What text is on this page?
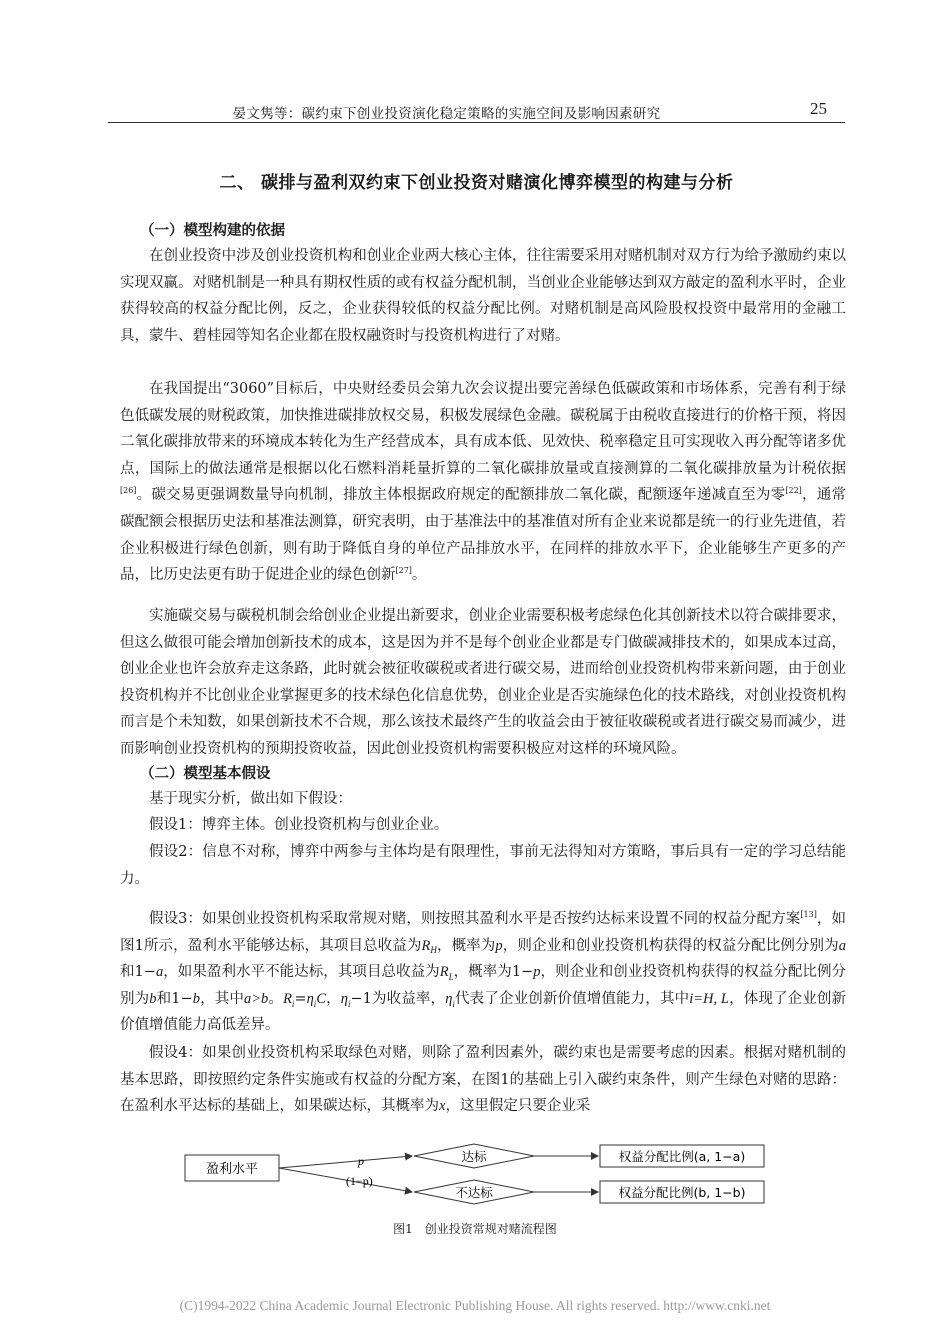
晏文隽等：碳约束下创业投资演化稳定策略的实施空间及影响因素研究	25
二、 碳排与盈利双约束下创业投资对赌演化博弈模型的构建与分析
（一）模型构建的依据

在创业投资中涉及创业投资机构和创业企业两大核心主体，往往需要采用对赌机制对双方行为给予激励约束以实现双赢。对赌机制是一种具有期权性质的或有权益分配机制，当创业企业能够达到双方敲定的盈利水平时，企业获得较高的权益分配比例，反之，企业获得较低的权益分配比例。对赌机制是高风险股权投资中最常用的金融工具，蒙牛、碧桂园等知名企业都在股权融资时与投资机构进行了对赌。

在我国提出“3060”目标后，中央财经委员会第九次会议提出要完善绿色低碳政策和市场体系，完善有利于绿色低碳发展的财税政策，加快推进碳排放权交易，积极发展绿色金融。碳税属于由税收直接进行的价格干预，将因二氧化碳排放带来的环境成本转化为生产经营成本，具有成本低、见效快、税率稳定且可实现收入再分配等诸多优点，国际上的做法通常是根据以化石燃料消耗量折算的二氧化碳排放量或直接测算的二氧化碳排放量为计税依据[26]。碳交易更强调数量导向机制，排放主体根据政府规定的配额排放二氧化碳，配额逐年递减直至为零[22]，通常碳配额会根据历史法和基准法测算，研究表明，由于基准法中的基准值对所有企业来说都是统一的行业先进值，若企业积极进行绿色创新，则有助于降低自身的单位产品排放水平，在同样的排放水平下，企业能够生产更多的产品，比历史法更有助于促进企业的绿色创新[27]。

实施碳交易与碳税机制会给创业企业提出新要求，创业企业需要积极考虑绿色化其创新技术以符合碳排要求，但这么做很可能会增加创新技术的成本，这是因为并不是每个创业企业都是专门做碳减排技术的，如果成本过高，创业企业也许会放弃走这条路，此时就会被征收碳税或者进行碳交易，进而给创业投资机构带来新问题，由于创业投资机构并不比创业企业掌握更多的技术绿色化信息优势，创业企业是否实施绿色化的技术路线，对创业投资机构而言是个未知数，如果创新技术不合规，那么该技术最终产生的收益会由于被征收碳税或者进行碳交易而减少，进而影响创业投资机构的预期投资收益，因此创业投资机构需要积极应对这样的环境风险。

（二）模型基本假设

基于现实分析，做出如下假设：

假设1：博弈主体。创业投资机构与创业企业。

假设2：信息不对称，博弈中两参与主体均是有限理性，事前无法得知对方策略，事后具有一定的学习总结能力。

假设3：如果创业投资机构采取常规对赌，则按照其盈利水平是否按约达标来设置不同的权益分配方案[13]，如图1所示，盈利水平能够达标，其项目总收益为$R_H$，概率为p，则企业和创业投资机构获得的权益分配比例分别为a和1−a，如果盈利水平不能达标，其项目总收益为$R_L$，概率为1−p，则企业和创业投资机构获得的权益分配比例分别为b和1−b，其中a>b。$R_i=\eta_iC$，$\eta_i-1$为收益率，$\eta_i$代表了企业创新价值增值能力，其中i=H, L，体现了企业创新价值增值能力高低差异。

假设4：如果创业投资机构采取绿色对赌，则除了盈利因素外，碳约束也是需要考虑的因素。根据对赌机制的基本思路，即按照约定条件实施或有权益的分配方案，在图1的基础上引入碳约束条件，则产生绿色对赌的思路：在盈利水平达标的基础上，如果碳达标，其概率为x，这里假定只要企业采

盈利水平
p
(1−p)
达标
不达标
权益分配比例(a, 1−a)
权益分配比例(b, 1−b)
图1　创业投资常规对赌流程图
(C)1994-2022 China Academic Journal Electronic Publishing House. All rights reserved. http://www.cnki.net
